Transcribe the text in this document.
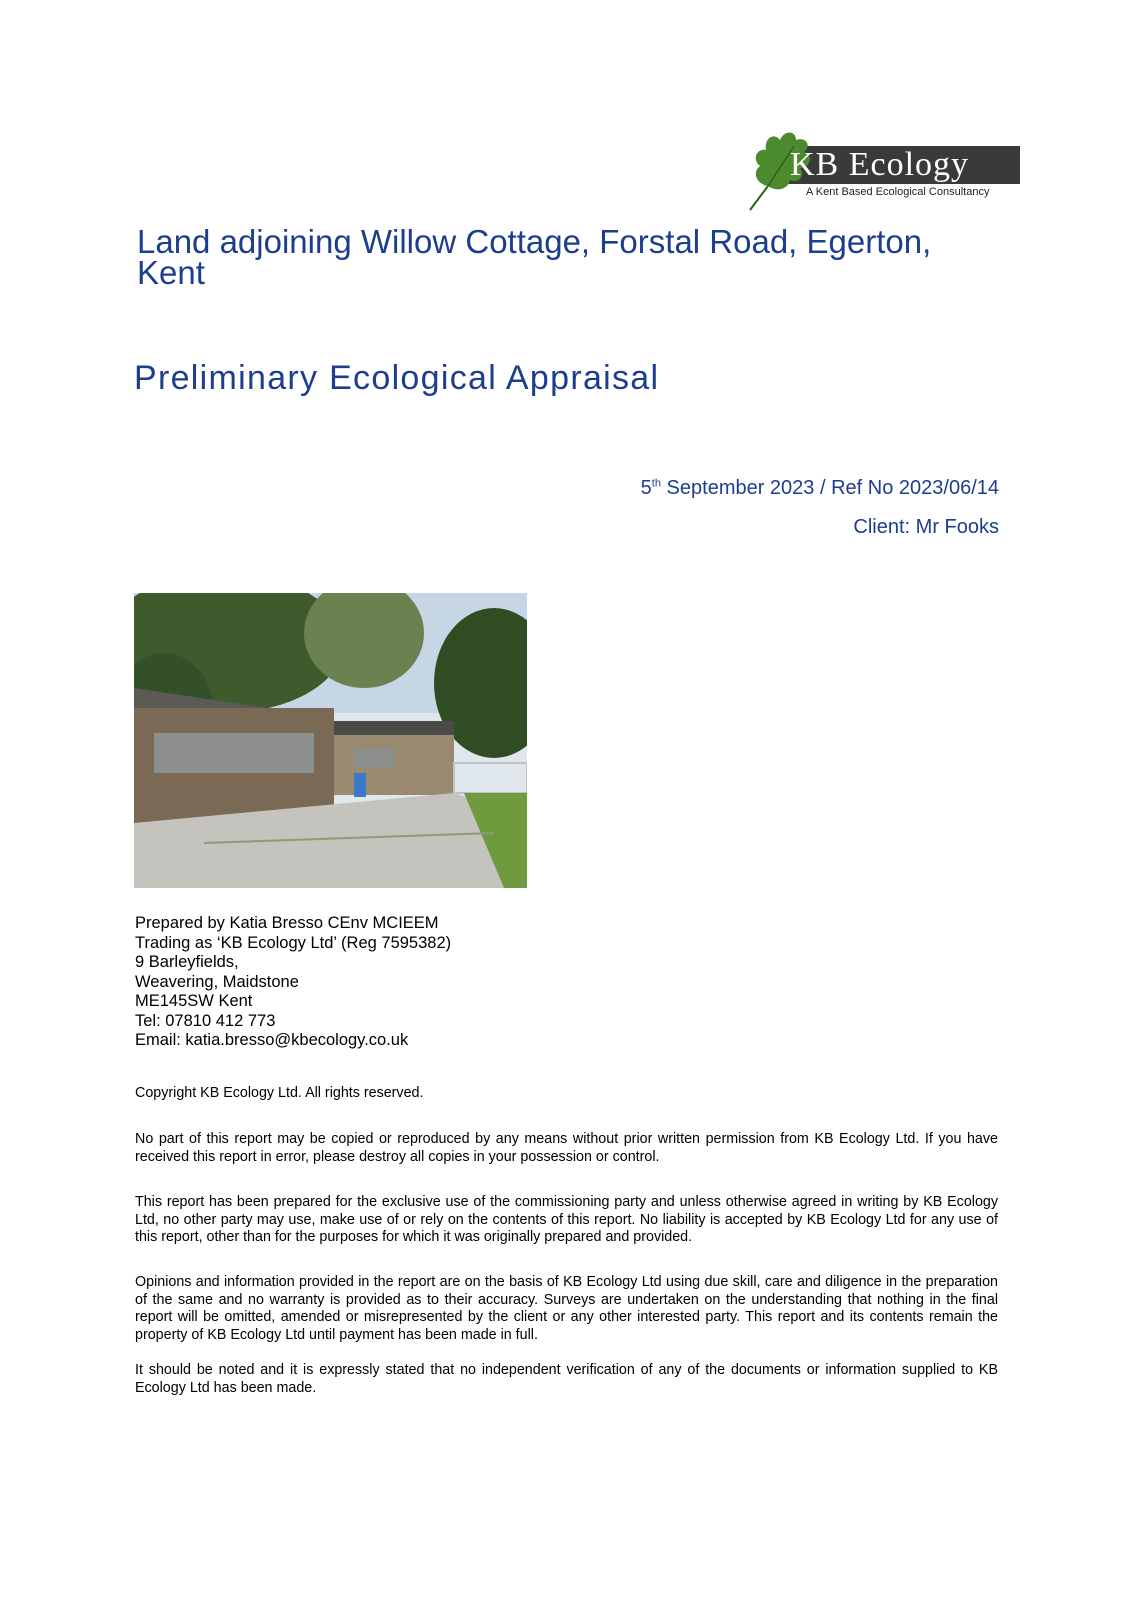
KB Ecology
A Kent Based Ecological Consultancy
Land adjoining Willow Cottage, Forstal Road, Egerton, Kent
Preliminary Ecological Appraisal
5th September 2023 / Ref No 2023/06/14
Client: Mr Fooks
Prepared by Katia Bresso CEnv MCIEEM
Trading as ‘KB Ecology Ltd’ (Reg 7595382)
9 Barleyfields,
Weavering, Maidstone
ME145SW Kent
Tel: 07810 412 773
Email: katia.bresso@kbecology.co.uk

Copyright KB Ecology Ltd. All rights reserved.

No part of this report may be copied or reproduced by any means without prior written permission from KB Ecology Ltd. If you have received this report in error, please destroy all copies in your possession or control.

This report has been prepared for the exclusive use of the commissioning party and unless otherwise agreed in writing by KB Ecology Ltd, no other party may use, make use of or rely on the contents of this report. No liability is accepted by KB Ecology Ltd for any use of this report, other than for the purposes for which it was originally prepared and provided.

Opinions and information provided in the report are on the basis of KB Ecology Ltd using due skill, care and diligence in the preparation of the same and no warranty is provided as to their accuracy. Surveys are undertaken on the understanding that nothing in the final report will be omitted, amended or misrepresented by the client or any other interested party. This report and its contents remain the property of KB Ecology Ltd until payment has been made in full.

It should be noted and it is expressly stated that no independent verification of any of the documents or information supplied to KB Ecology Ltd has been made.
